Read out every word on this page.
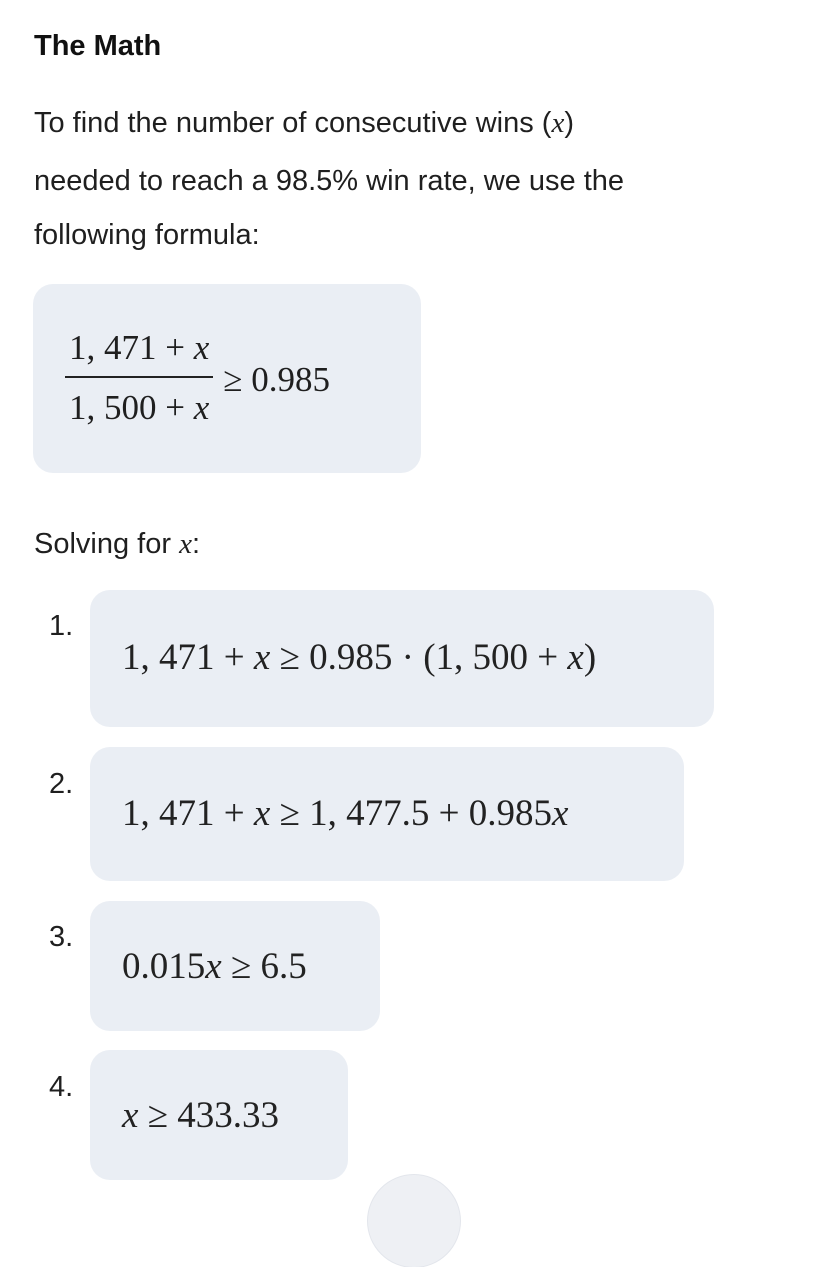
The Math
To find the number of consecutive wins (x)
needed to reach a 98.5% win rate, we use the
following formula:
$\frac{1, 471 + x}{1, 500 + x} \ge 0.985$
Solving for x:
1.
1, 471 + x ≥ 0.985 · (1, 500 + x)
2.
1, 471 + x ≥ 1, 477.5 + 0.985x
3.
0.015x ≥ 6.5
4.
x ≥ 433.33
